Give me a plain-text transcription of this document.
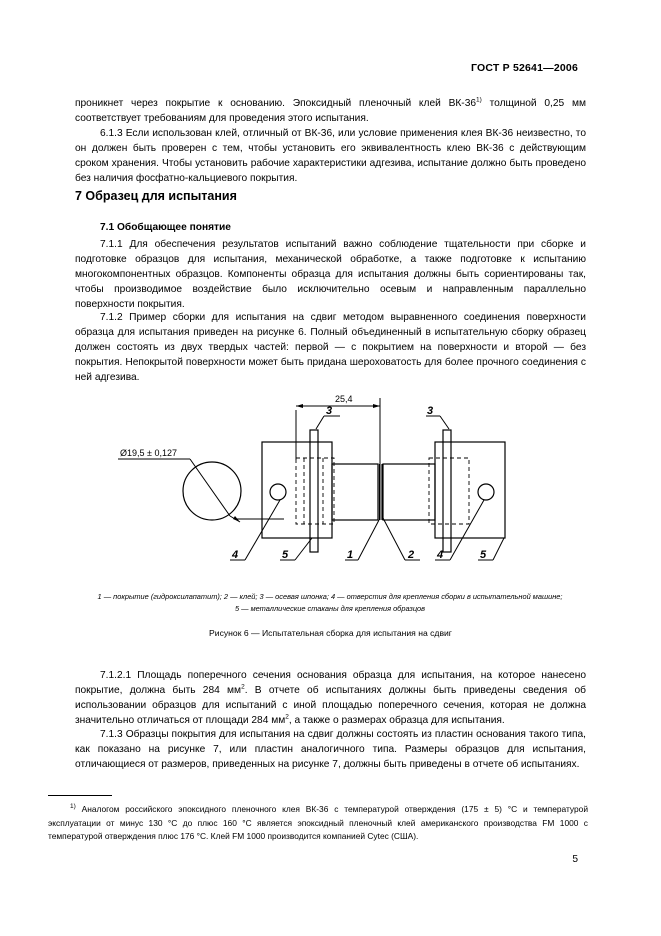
ГОСТ Р 52641—2006

проникнет через покрытие к основанию. Эпоксидный пленочный клей ВК-36$^{1)}$ толщиной 0,25 мм соответствует требованиям для проведения этого испытания.

6.1.3 Если использован клей, отличный от ВК-36, или условие применения клея ВК-36 неизвестно, то он должен быть проверен с тем, чтобы установить его эквивалентность клею ВК-36 с действующим сроком хранения. Чтобы установить рабочие характеристики адгезива, испытание должно быть проведено без наличия фосфатно-кальциевого покрытия.

7 Образец для испытания
7.1 Обобщающее понятие

7.1.1 Для обеспечения результатов испытаний важно соблюдение тщательности при сборке и подготовке образцов для испытания, механической обработке, а также подготовке к испытанию многокомпонентных образцов. Компоненты образца для испытания должны быть сориентированы так, чтобы производимое воздействие было исключительно осевым и направленным параллельно поверхности покрытия.

7.1.2 Пример сборки для испытания на сдвиг методом выравненного соединения поверхности образца для испытания приведен на рисунке 6. Полный объединенный в испытательную сборку образец должен состоять из двух твердых частей: первой — с покрытием на поверхности и второй — без покрытия. Непокрытой поверхности может быть придана шероховатость для более прочного соединения с ней адгезива.

Ø19,5 ± 0,127
25,4
3	3
4	5	1	2 4	5

1 — покрытие (гидроксилапатит); 2 — клей; 3 — осевая шпонка; 4 — отверстия для крепления сборки в испытательной машине;
5 — металлические стаканы для крепления образцов

Рисунок 6 — Испытательная сборка для испытания на сдвиг

7.1.2.1 Площадь поперечного сечения основания образца для испытания, на которое нанесено покрытие, должна быть 284 $мм^2$. В отчете об испытаниях должны быть приведены сведения об использовании образцов для испытаний с иной площадью поперечного сечения, которая не должна значительно отличаться от площади 284 $мм^2$, а также о размерах образца для испытания.

7.1.3 Образцы покрытия для испытания на сдвиг должны состоять из пластин основания такого типа, как показано на рисунке 7, или пластин аналогичного типа. Размеры образцов для испытания, отличающиеся от размеров, приведенных на рисунке 7, должны быть приведены в отчете об испытаниях.

$^{1)}$ Аналогом российского эпоксидного пленочного клея ВК-36 с температурой отверждения (175 ± 5) °С и температурой эксплуатации от минус 130 °С до плюс 160 °С является эпоксидный пленочный клей американского производства FM 1000 с температурой отверждения плюс 176 °С. Клей FM 1000 производится компанией Cytec (США).

5
